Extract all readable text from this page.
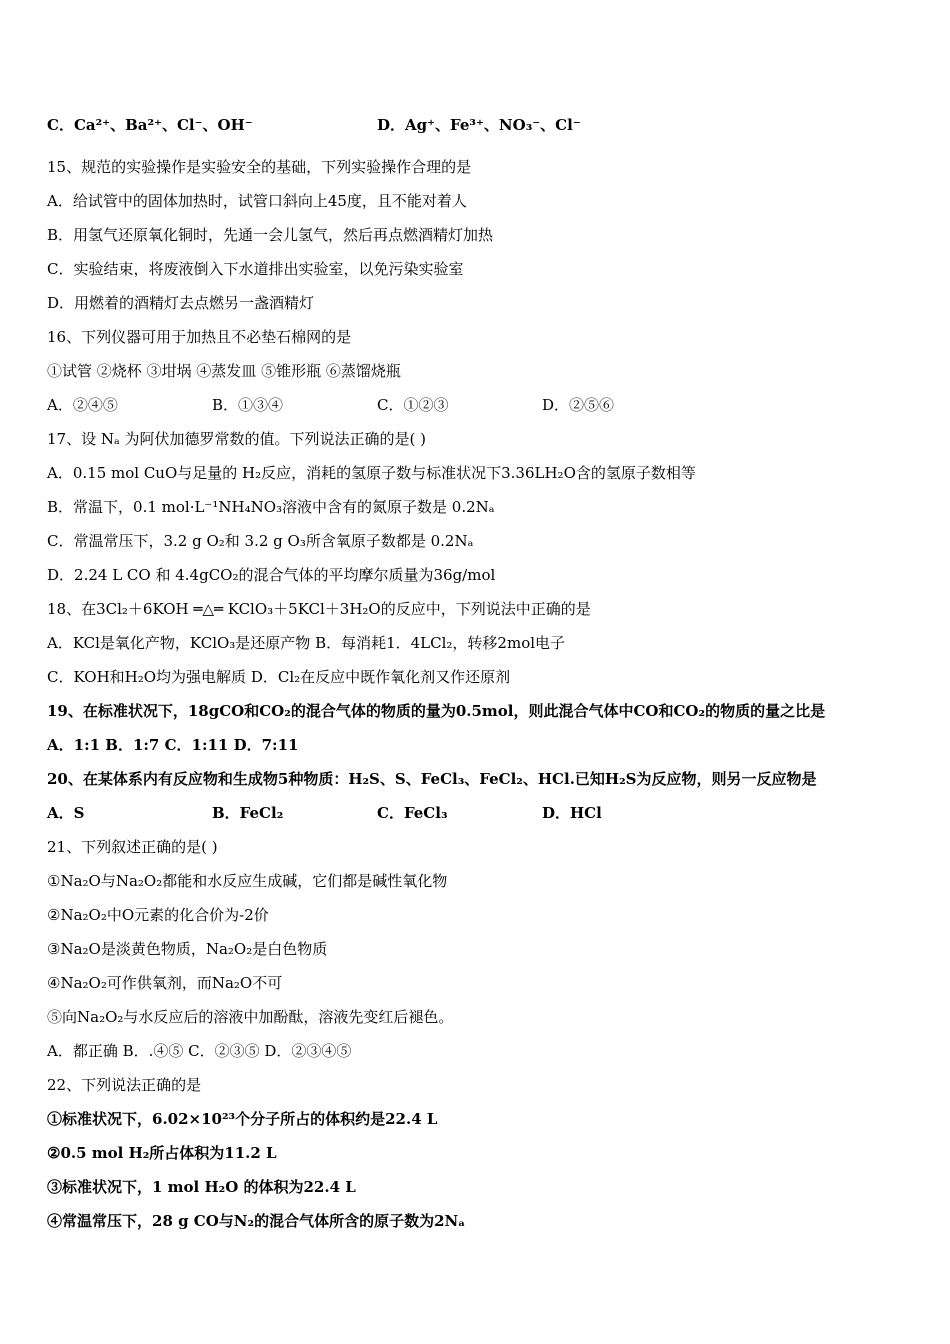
C．Ca²⁺、Ba²⁺、Cl⁻、OH⁻	D．Ag⁺、Fe³⁺、NO₃⁻、Cl⁻
15、规范的实验操作是实验安全的基础，下列实验操作合理的是
A．给试管中的固体加热时，试管口斜向上45度，且不能对着人
B．用氢气还原氧化铜时，先通一会儿氢气，然后再点燃酒精灯加热
C．实验结束，将废液倒入下水道排出实验室，以免污染实验室
D．用燃着的酒精灯去点燃另一盏酒精灯
16、下列仪器可用于加热且不必垫石棉网的是
①试管 ②烧杯 ③坩埚 ④蒸发皿 ⑤锥形瓶 ⑥蒸馏烧瓶
A．②④⑤	B．①③④	C．①②③	D．②⑤⑥
17、设 Nₐ 为阿伏加德罗常数的值。下列说法正确的是( )
A．0.15 mol CuO与足量的 H₂反应，消耗的氢原子数与标准状况下3.36LH₂O含的氢原子数相等
B．常温下，0.1 mol·L⁻¹NH₄NO₃溶液中含有的氮原子数是 0.2Nₐ
C．常温常压下，3.2 g O₂和 3.2 g O₃所含氧原子数都是 0.2Nₐ
D．2.24 L CO 和 4.4gCO₂的混合气体的平均摩尔质量为36g/mol
18、在3Cl₂＋6KOH ═△═ KClO₃＋5KCl＋3H₂O的反应中，下列说法中正确的是
A．KCl是氧化产物，KClO₃是还原产物 B．每消耗1．4LCl₂，转移2mol电子
C．KOH和H₂O均为强电解质 D．Cl₂在反应中既作氧化剂又作还原剂
19、在标准状况下，18gCO和CO₂的混合气体的物质的量为0.5mol，则此混合气体中CO和CO₂的物质的量之比是
A．1:1 B．1:7 C．1:11 D．7:11
20、在某体系内有反应物和生成物5种物质：H₂S、S、FeCl₃、FeCl₂、HCl.已知H₂S为反应物，则另一反应物是
A．S	B．FeCl₂	C．FeCl₃	D．HCl
21、下列叙述正确的是( )
①Na₂O与Na₂O₂都能和水反应生成碱，它们都是碱性氧化物
②Na₂O₂中O元素的化合价为-2价
③Na₂O是淡黄色物质，Na₂O₂是白色物质
④Na₂O₂可作供氧剂，而Na₂O不可
⑤向Na₂O₂与水反应后的溶液中加酚酞，溶液先变红后褪色。
A．都正确 B．.④⑤ C．②③⑤ D．②③④⑤
22、下列说法正确的是
①标准状况下，6.02×10²³个分子所占的体积约是22.4 L
②0.5 mol H₂所占体积为11.2 L
③标准状况下，1 mol H₂O 的体积为22.4 L
④常温常压下，28 g CO与N₂的混合气体所含的原子数为2Nₐ
